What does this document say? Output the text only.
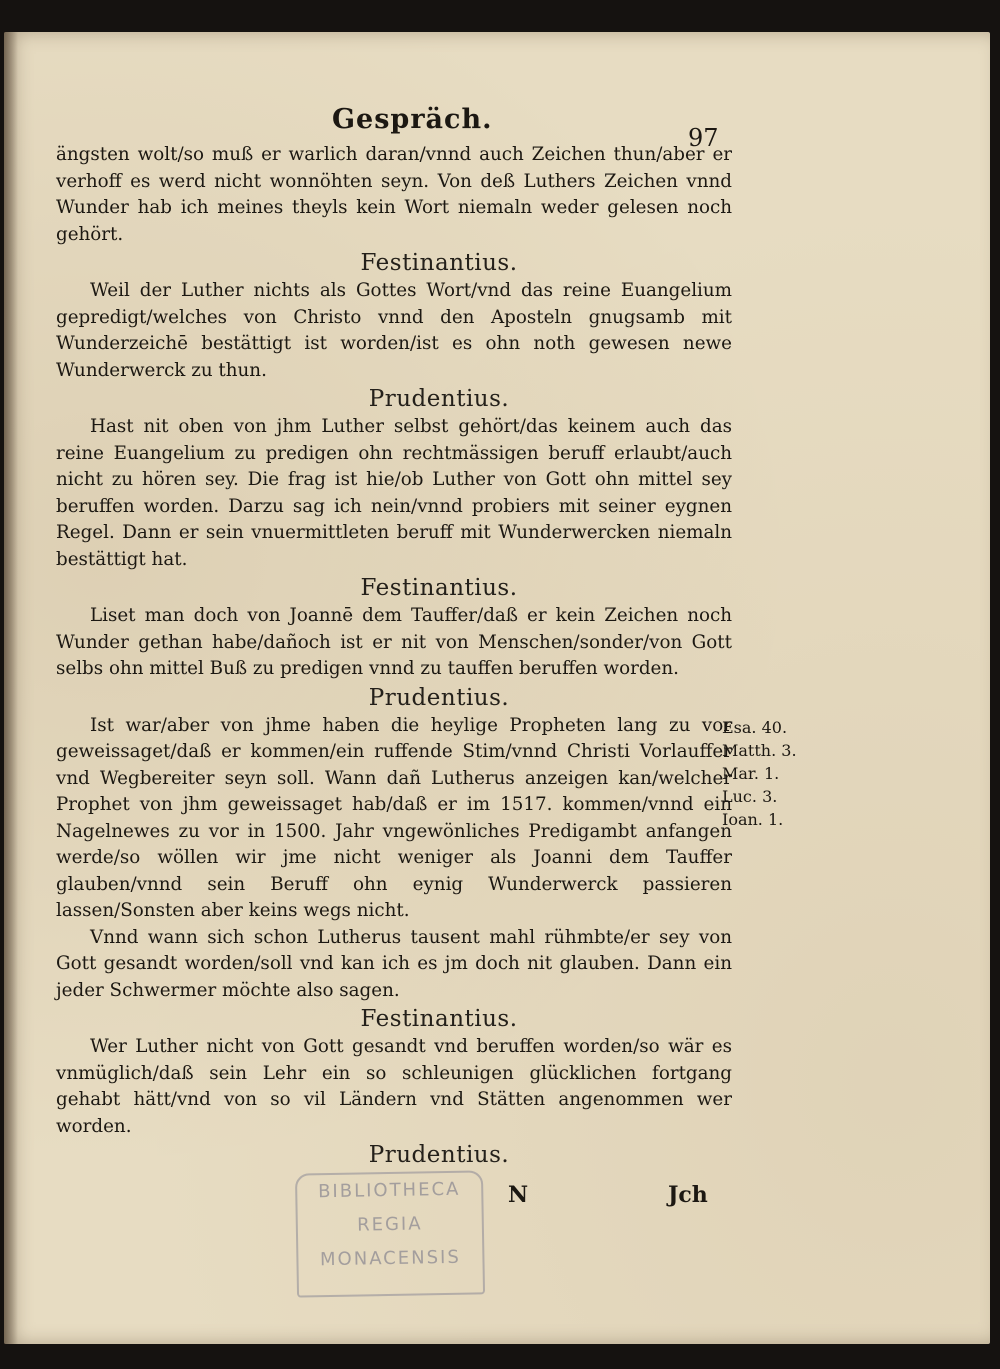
Gespräch.
97

ängsten wolt/so muß er warlich daran/vnnd auch Zeichen thun/aber er verhoff es werd nicht wonnöhten seyn. Von deß Luthers Zeichen vnnd Wunder hab ich meines theyls kein Wort niemaln weder gelesen noch gehört.

Festinantius.

Weil der Luther nichts als Gottes Wort/vnd das reine Euangelium gepredigt/welches von Christo vnnd den Aposteln gnugsamb mit Wunderzeichē bestättigt ist worden/ist es ohn noth gewesen newe Wunderwerck zu thun.

Prudentius.

Hast nit oben von jhm Luther selbst gehört/das keinem auch das reine Euangelium zu predigen ohn rechtmässigen beruff erlaubt/auch nicht zu hören sey. Die frag ist hie/ob Luther von Gott ohn mittel sey beruffen worden. Darzu sag ich nein/vnnd probiers mit seiner eygnen Regel. Dann er sein vnuermittleten beruff mit Wunderwercken niemaln bestättigt hat.

Festinantius.

Liset man doch von Joannē dem Tauffer/daß er kein Zeichen noch Wunder gethan habe/dañoch ist er nit von Menschen/sonder/von Gott selbs ohn mittel Buß zu predigen vnnd zu tauffen beruffen worden.

Prudentius.

Ist war/aber von jhme haben die heylige Propheten lang zu vor geweissaget/daß er kommen/ein ruffende Stim/vnnd Christi Vorlauffer vnd Wegbereiter seyn soll. Wann dañ Lutherus anzeigen kan/welcher Prophet von jhm geweissaget hab/daß er im 1517. kommen/vnnd ein Nagelnewes zu vor in 1500. Jahr vngewönliches Predigambt anfangen werde/so wöllen wir jme nicht weniger als Joanni dem Tauffer glauben/vnnd sein Beruff ohn eynig Wunderwerck passieren lassen/Sonsten aber keins wegs nicht.

Vnnd wann sich schon Lutherus tausent mahl rühmbte/er sey von Gott gesandt worden/soll vnd kan ich es jm doch nit glauben. Dann ein jeder Schwermer möchte also sagen.

Festinantius.

Wer Luther nicht von Gott gesandt vnd beruffen worden/so wär es vnmüglich/daß sein Lehr ein so schleunigen glücklichen fortgang gehabt hätt/vnd von so vil Ländern vnd Stätten angenommen wer worden.

Prudentius.

Esa. 40.
Matth. 3.
Mar. 1.
Luc. 3.
Ioan. 1.
N	Jch
BIBLIOTHECA
REGIA
MONACENSIS
